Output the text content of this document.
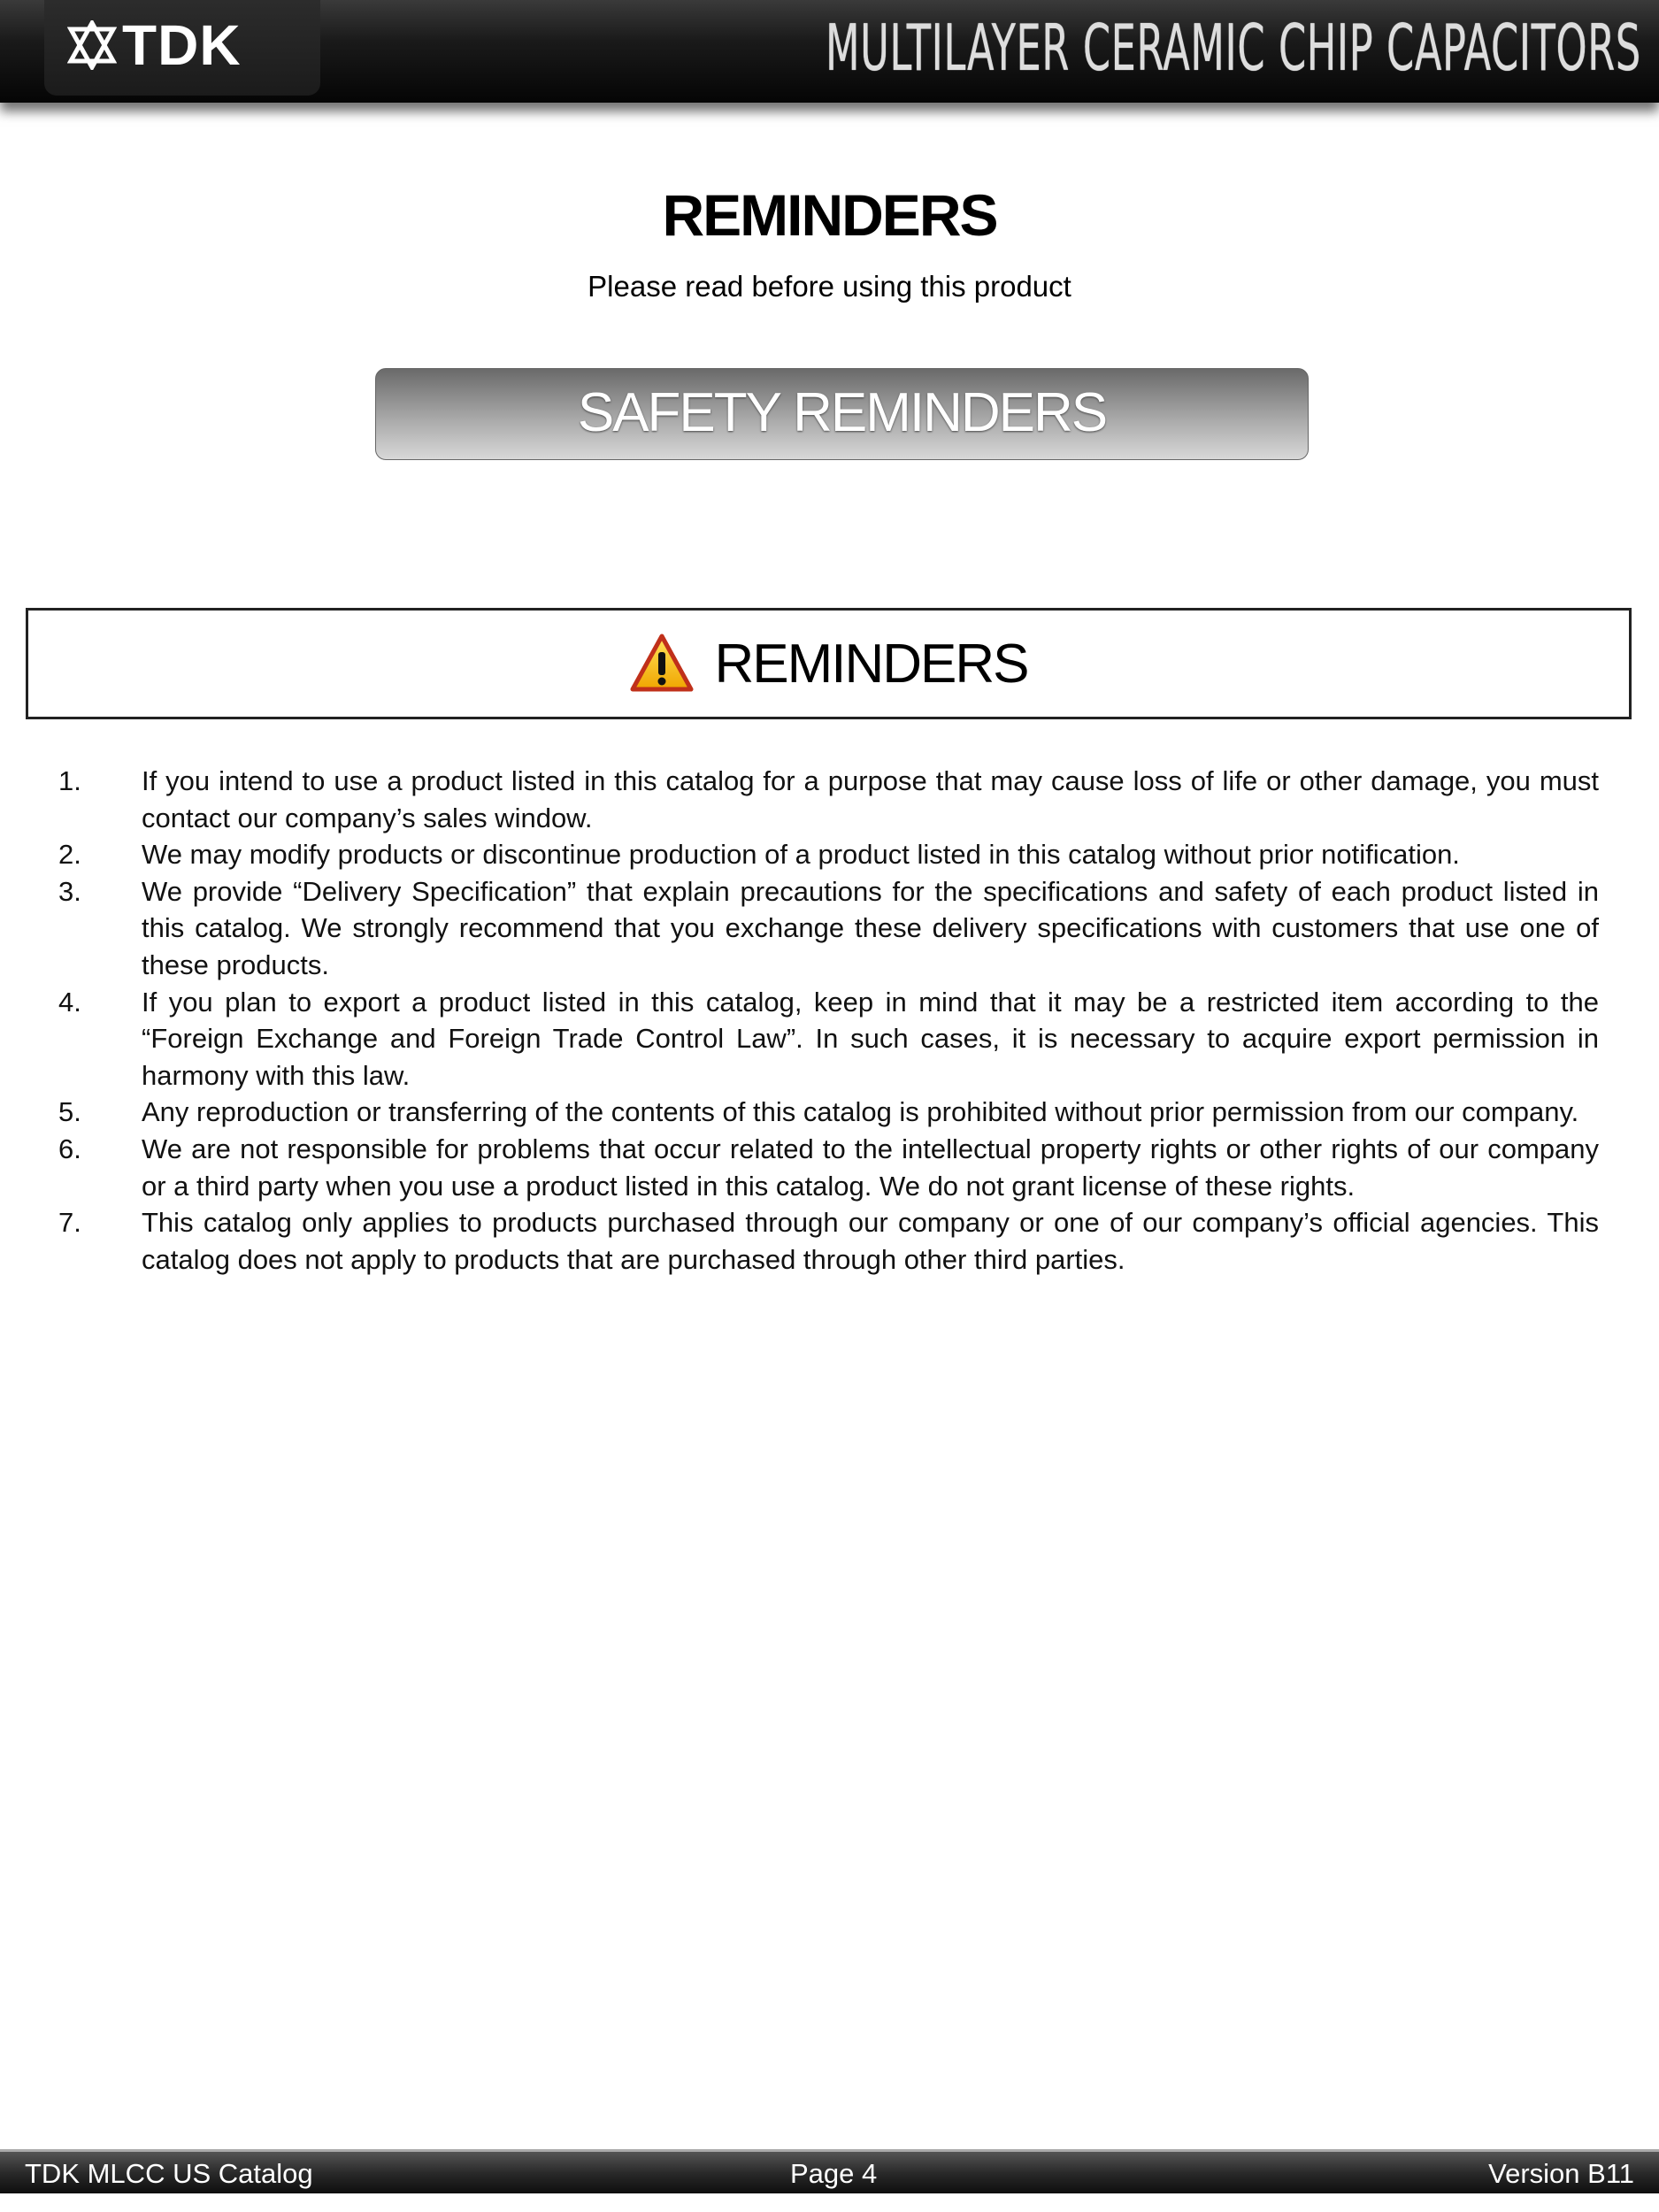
TDK	MULTILAYER CERAMIC CHIP CAPACITORS
REMINDERS
Please read before using this product
SAFETY REMINDERS
REMINDERS
1. If you intend to use a product listed in this catalog for a purpose that may cause loss of life or other damage, you must contact our company’s sales window.
2. We may modify products or discontinue production of a product listed in this catalog without prior notification.
3. We provide “Delivery Specification” that explain precautions for the specifications and safety of each product listed in this catalog. We strongly recommend that you exchange these delivery specifications with customers that use one of these products.
4. If you plan to export a product listed in this catalog, keep in mind that it may be a restricted item according to the “Foreign Exchange and Foreign Trade Control Law”. In such cases, it is necessary to acquire export permission in harmony with this law.
5. Any reproduction or transferring of the contents of this catalog is prohibited without prior permission from our company.
6. We are not responsible for problems that occur related to the intellectual property rights or other rights of our company or a third party when you use a product listed in this catalog. We do not grant license of these rights.
7. This catalog only applies to products purchased through our company or one of our company’s official agencies. This catalog does not apply to products that are purchased through other third parties.
TDK MLCC US Catalog	Page 4	Version B11
